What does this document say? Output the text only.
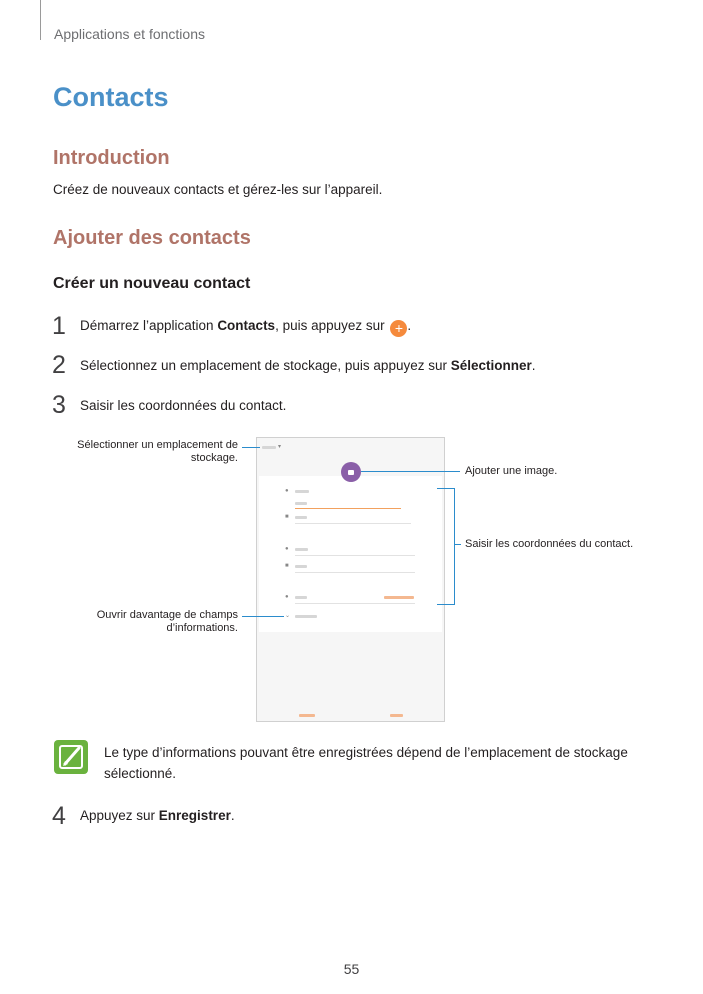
Applications et fonctions
Contacts
Introduction
Créez de nouveaux contacts et gérez-les sur l’appareil.
Ajouter des contacts
Créer un nouveau contact
1 Démarrez l’application Contacts, puis appuyez sur + .
2 Sélectionnez un emplacement de stockage, puis appuyez sur Sélectionner.
3 Saisir les coordonnées du contact.
▾
●
■
●
■
●
⌄
Sélectionner un emplacement de
stockage.
Ouvrir davantage de champs
d’informations.
Ajouter une image.
Saisir les coordonnées du contact.
Le type d’informations pouvant être enregistrées dépend de l’emplacement de stockage
sélectionné.
4 Appuyez sur Enregistrer.
55
